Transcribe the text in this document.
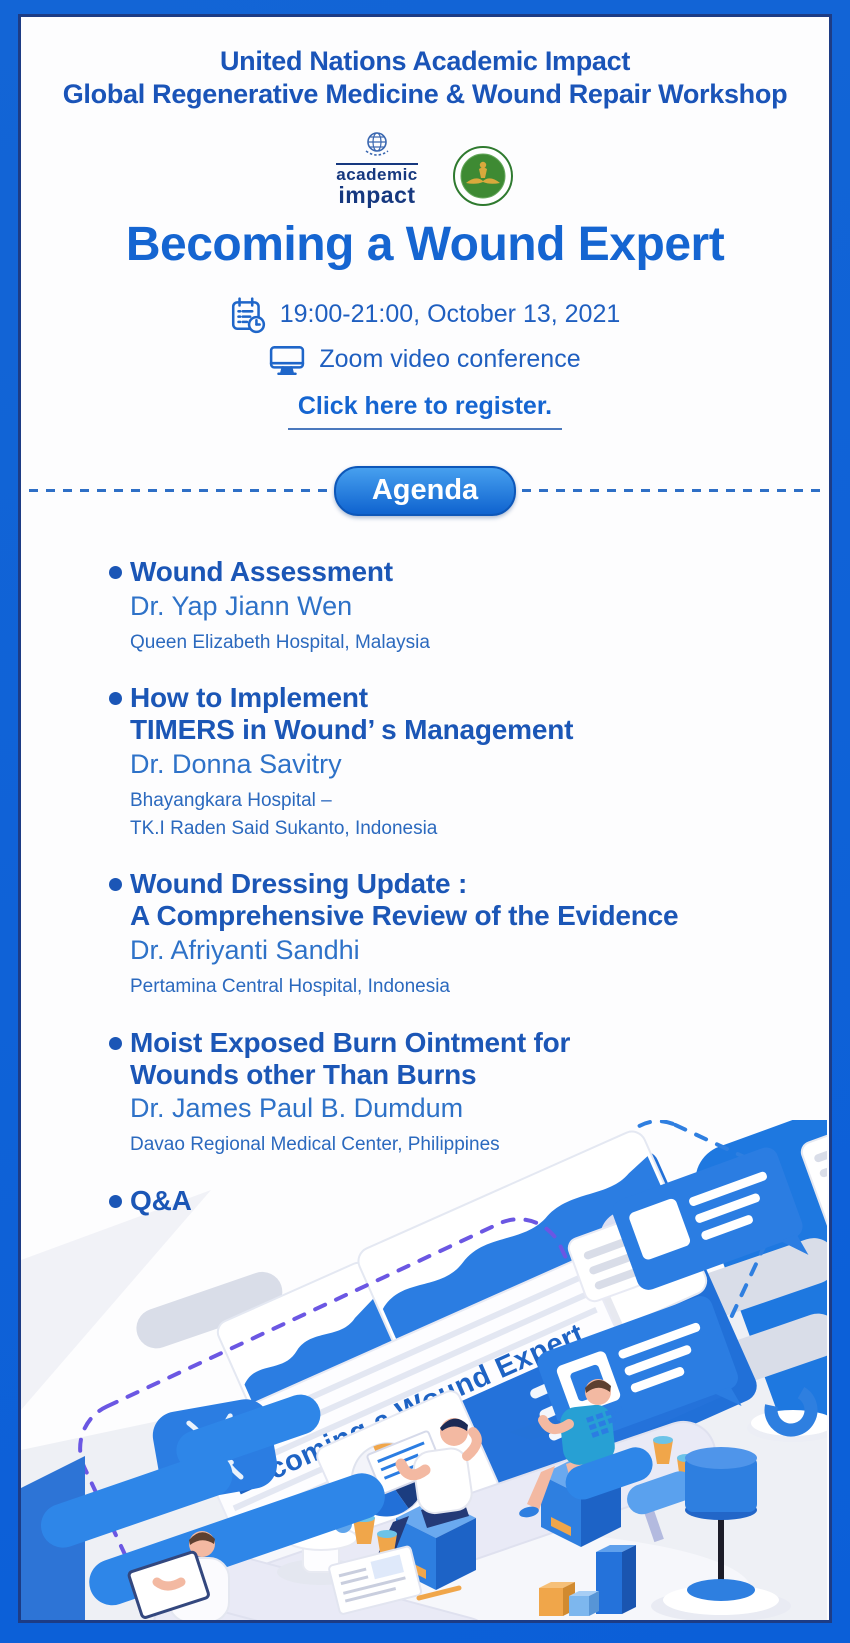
Becoming Expert
United Nations Academic Impact
Global Regenerative Medicine & Wound Repair Workshop
academic
impact
Becoming a Wound Expert
19:00-21:00, October 13, 2021
Zoom video conference
Click here to register.
Agenda
Wound Assessment
Dr. Yap Jiann Wen
Queen Elizabeth Hospital, Malaysia
How to Implement
TIMERS in Wound’ s Management
Dr. Donna Savitry
Bhayangkara Hospital –
TK.I Raden Said Sukanto, Indonesia
Wound Dressing Update :
A Comprehensive Review of the Evidence
Dr. Afriyanti Sandhi
Pertamina Central Hospital, Indonesia
Moist Exposed Burn Ointment for
Wounds other Than Burns
Dr. James Paul B. Dumdum
Davao Regional Medical Center, Philippines
Q&A
